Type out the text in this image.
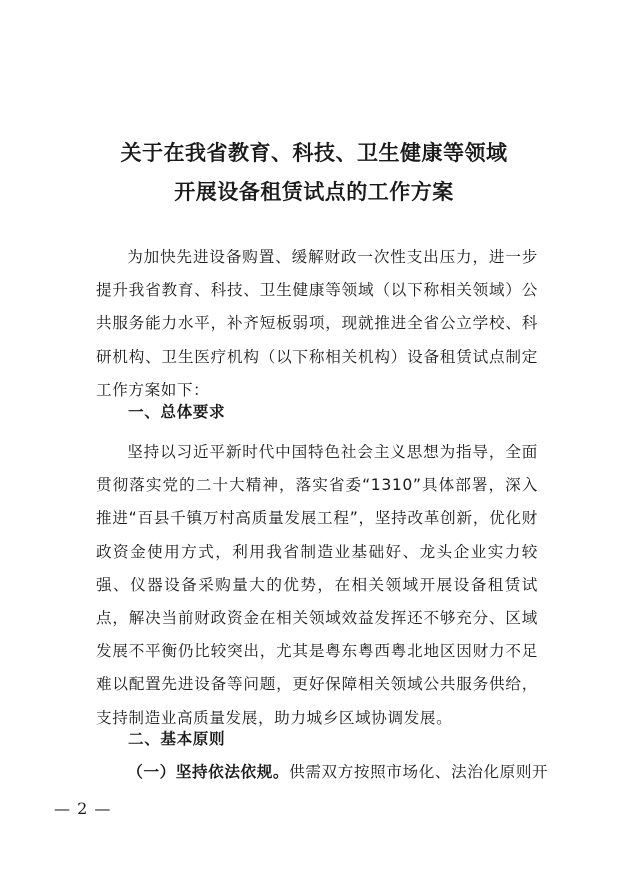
关于在我省教育、科技、卫生健康等领域
开展设备租赁试点的工作方案

为加快先进设备购置、缓解财政一次性支出压力，进一步提升我省教育、科技、卫生健康等领域（以下称相关领域）公共服务能力水平，补齐短板弱项，现就推进全省公立学校、科研机构、卫生医疗机构（以下称相关机构）设备租赁试点制定工作方案如下：

一、总体要求

坚持以习近平新时代中国特色社会主义思想为指导，全面贯彻落实党的二十大精神，落实省委“1310”具体部署，深入推进“百县千镇万村高质量发展工程”，坚持改革创新，优化财政资金使用方式，利用我省制造业基础好、龙头企业实力较强、仪器设备采购量大的优势，在相关领域开展设备租赁试点，解决当前财政资金在相关领域效益发挥还不够充分、区域发展不平衡仍比较突出，尤其是粤东粤西粤北地区因财力不足难以配置先进设备等问题，更好保障相关领域公共服务供给，支持制造业高质量发展，助力城乡区域协调发展。

二、基本原则

（一）坚持依法依规。供需双方按照市场化、法治化原则开

— 2 —
